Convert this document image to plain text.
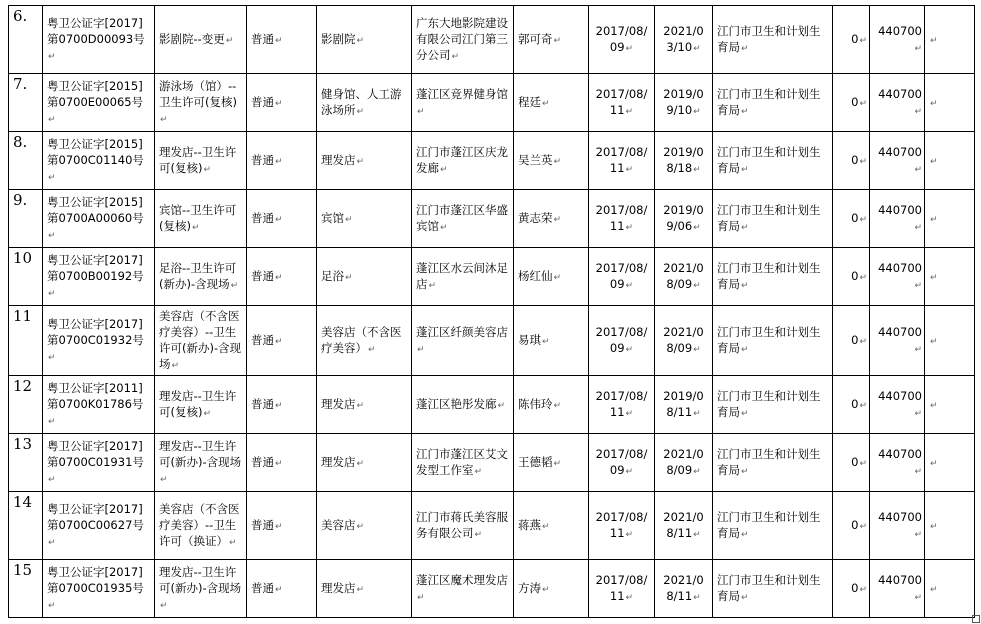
6.	粤卫公证字[2017]第0700D00093号↵	影剧院--变更↵	普通↵	影剧院↵	广东大地影院建设有限公司江门第三分公司↵	郭可奇↵	2017/08/09↵	2021/03/10↵	江门市卫生和计划生育局↵	0↵	440700↵	↵
7.	粤卫公证字[2015]第0700E00065号↵	游泳场（馆）--卫生许可(复核)↵	普通↵	健身馆、人工游泳场所↵	蓬江区竞界健身馆↵	程廷↵	2017/08/11↵	2019/09/10↵	江门市卫生和计划生育局↵	0↵	440700↵	↵
8.	粤卫公证字[2015]第0700C01140号↵	理发店--卫生许可(复核)↵	普通↵	理发店↵	江门市蓬江区庆龙发廊↵	吴兰英↵	2017/08/11↵	2019/08/18↵	江门市卫生和计划生育局↵	0↵	440700↵	↵
9.	粤卫公证字[2015]第0700A00060号↵	宾馆--卫生许可(复核)↵	普通↵	宾馆↵	江门市蓬江区华盛宾馆↵	黄志荣↵	2017/08/11↵	2019/09/06↵	江门市卫生和计划生育局↵	0↵	440700↵	↵
10	粤卫公证字[2017]第0700B00192号↵	足浴--卫生许可(新办)-含现场↵	普通↵	足浴↵	蓬江区水云间沐足店↵	杨红仙↵	2017/08/09↵	2021/08/09↵	江门市卫生和计划生育局↵	0↵	440700↵	↵
11	粤卫公证字[2017]第0700C01932号↵	美容店（不含医疗美容）--卫生许可(新办)-含现场↵	普通↵	美容店（不含医疗美容）↵	蓬江区纤颜美容店↵	易琪↵	2017/08/09↵	2021/08/09↵	江门市卫生和计划生育局↵	0↵	440700↵	↵
12	粤卫公证字[2011]第0700K01786号↵	理发店--卫生许可(复核)↵	普通↵	理发店↵	蓬江区艳彤发廊↵	陈伟玲↵	2017/08/11↵	2019/08/11↵	江门市卫生和计划生育局↵	0↵	440700↵	↵
13	粤卫公证字[2017]第0700C01931号↵	理发店--卫生许可(新办)-含现场↵	普通↵	理发店↵	江门市蓬江区艾文发型工作室↵	王德韬↵	2017/08/09↵	2021/08/09↵	江门市卫生和计划生育局↵	0↵	440700↵	↵
14	粤卫公证字[2017]第0700C00627号↵	美容店（不含医疗美容）--卫生许可（换证）↵	普通↵	美容店↵	江门市蒋氏美容服务有限公司↵	蒋燕↵	2017/08/11↵	2021/08/11↵	江门市卫生和计划生育局↵	0↵	440700↵	↵
15	粤卫公证字[2017]第0700C01935号↵	理发店--卫生许可(新办)-含现场↵	普通↵	理发店↵	蓬江区魔术理发店↵	方涛↵	2017/08/11↵	2021/08/11↵	江门市卫生和计划生育局↵	0↵	440700↵	↵
